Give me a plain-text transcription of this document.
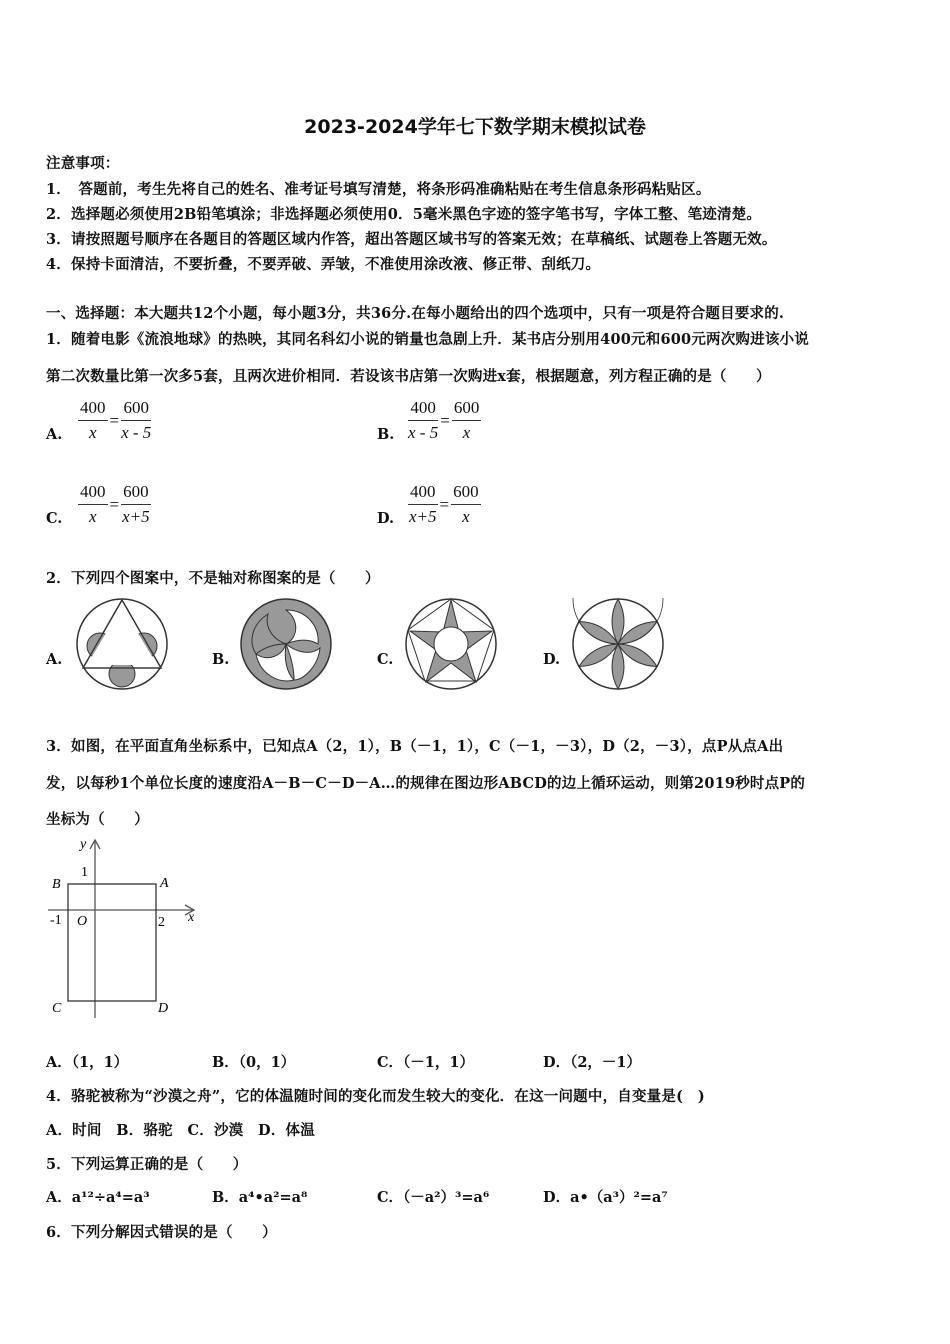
2023-2024学年七下数学期末模拟试卷
注意事项：
1．　答题前，考生先将自己的姓名、准考证号填写清楚，将条形码准确粘贴在考生信息条形码粘贴区。
2．选择题必须使用2B铅笔填涂；非选择题必须使用0．5毫米黑色字迹的签字笔书写，字体工整、笔迹清楚。
3．请按照题号顺序在各题目的答题区域内作答，超出答题区域书写的答案无效；在草稿纸、试题卷上答题无效。
4．保持卡面清洁，不要折叠，不要弄破、弄皱，不准使用涂改液、修正带、刮纸刀。
一、选择题：本大题共12个小题，每小题3分，共36分.在每小题给出的四个选项中，只有一项是符合题目要求的.
1．随着电影《流浪地球》的热映，其同名科幻小说的销量也急剧上升．某书店分别用400元和600元两次购进该小说
第二次数量比第一次多5套，且两次进价相同．若设该书店第一次购进x套，根据题意，列方程正确的是（　　）
A. $\frac{400}{x} = \frac{600}{x - 5}$	B. $\frac{400}{x - 5} = \frac{600}{x}$
C. $\frac{400}{x} = \frac{600}{x+5}$	D. $\frac{400}{x+5} = \frac{600}{x}$
2．下列四个图案中，不是轴对称图案的是（　　）
A.	B.	C.	D.
3．如图，在平面直角坐标系中，已知点A（2，1），B（－1，1），C（－1，－3），D（2，－3），点P从点A出
发，以每秒1个单位长度的速度沿A－B－C－D－A…的规律在图边形ABCD的边上循环运动，则第2019秒时点P的
坐标为（　　）
y
x
O
1
2
-1
A
B
C	D
A．（1，1）	B．（0，1）	C．（－1，1）	D．（2，－1）
4．骆驼被称为“沙漠之舟”，它的体温随时间的变化而发生较大的变化．在这一问题中，自变量是(　)
A．时间　B．骆驼　C．沙漠　D．体温
5．下列运算正确的是（　　）
A．a¹²÷a⁴=a³	B．a⁴•a²=a⁸	C．（－a²）³=a⁶	D．a•（a³）²=a⁷
6．下列分解因式错误的是（　　）
